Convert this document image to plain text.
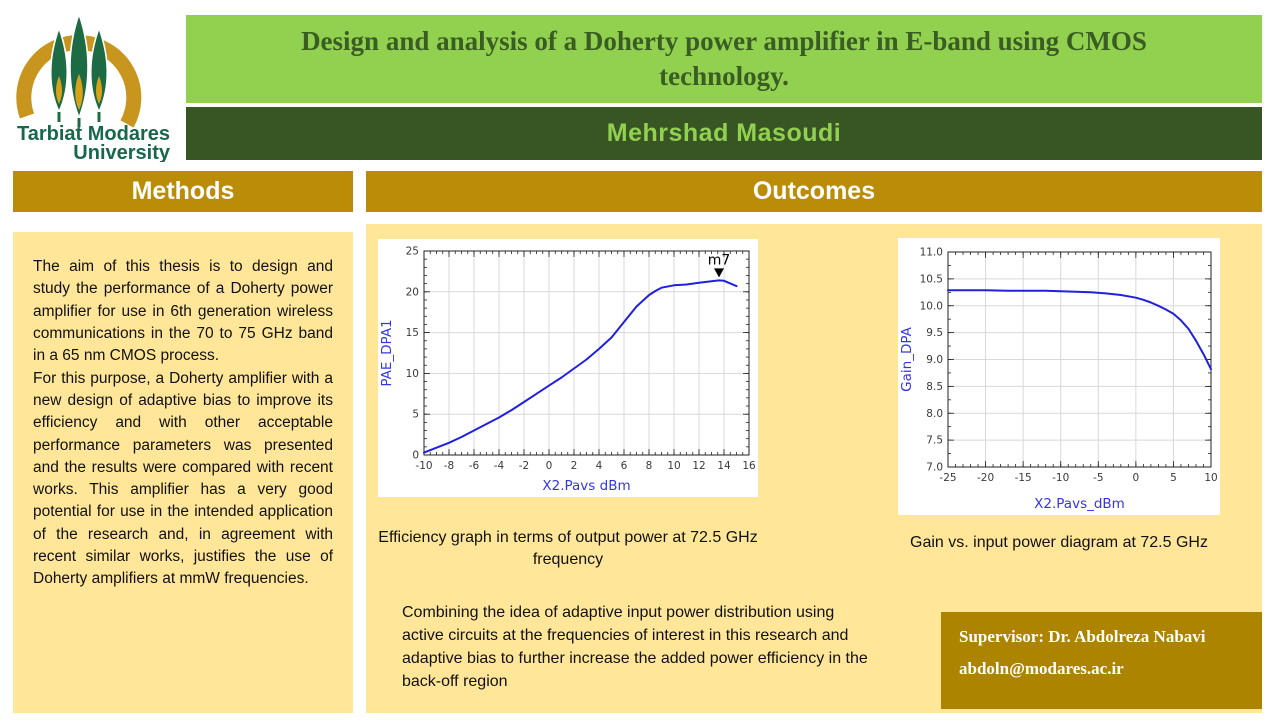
Tarbiat Modares
University
Design and analysis of a Doherty power amplifier in E-band using CMOS technology.
Mehrshad Masoudi
Methods	Outcomes

The aim of this thesis is to design and study the performance of a Doherty power amplifier for use in 6th generation wireless communications in the 70 to 75 GHz band in a 65 nm CMOS process.

For this purpose, a Doherty amplifier with a new design of adaptive bias to improve its efficiency and with other acceptable performance parameters was presented and the results were compared with recent works. This amplifier has a very good potential for use in the intended application of the research and, in agreement with recent similar works, justifies the use of Doherty amplifiers at mmW frequencies.

-10 -8 -6 -4 -2 0 2 4 6 8 10 12 14 16
0
5
10
15
20
25
m7
X2.Pavs dBm
PAE_DPA1
-25 -20 -15 -10 -5	0	5	10
7.0
7.5
8.0
8.5
9.0
9.5
10.0
10.5
11.0
X2.Pavs_dBm
Gain_DPA
Efficiency graph in terms of output power at 72.5 GHz frequency
Gain vs. input power diagram at 72.5 GHz
Combining the idea of adaptive input power distribution using active circuits at the frequencies of interest in this research and adaptive bias to further increase the added power efficiency in the back-off region
Supervisor: Dr. Abdolreza Nabavi
abdoln@modares.ac.ir
